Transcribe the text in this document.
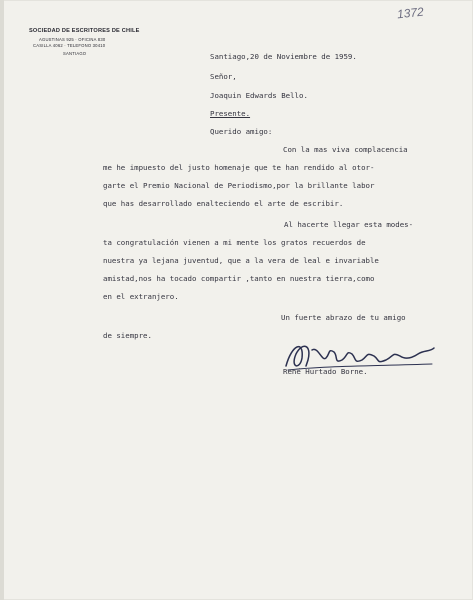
1372
SOCIEDAD DE ESCRITORES DE CHILE
AGUSTINAS 925 · OFICINA 830
CASILLA 4062 · TELEFONO 30410
SANTIAGO	Santiago,20 de Noviembre de 1959.
Señor,
Joaquin Edwards Bello.
Presente.
Querido amigo:
Con la mas viva complacencia
me he impuesto del justo homenaje que te han rendido al otor-
garte el Premio Nacional de Periodismo,por la brillante labor
que has desarrollado enalteciendo el arte de escribir.
Al hacerte llegar esta modes-
ta congratulación vienen a mi mente los gratos recuerdos de
nuestra ya lejana juventud, que a la vera de leal e invariable
amistad,nos ha tocado compartir ,tanto en nuestra tierra,como
en el extranjero.
Un fuerte abrazo de tu amigo
de siempre.
René Hurtado Borne.
